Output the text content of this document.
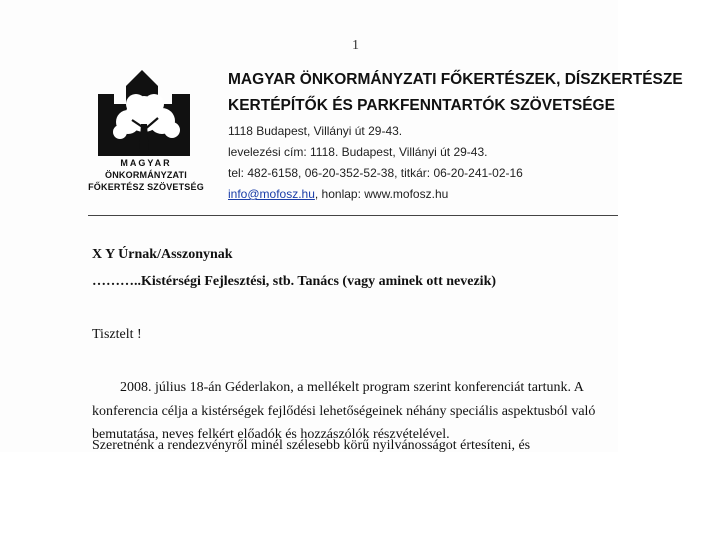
1
MAGYAR
ÖNKORMÁNYZATI
FŐKERTÉSZ SZÖVETSÉG
MAGYAR ÖNKORMÁNYZATI FŐKERTÉSZEK, DÍSZKERTÉSZE
KERTÉPÍTŐK ÉS PARKFENNTARTÓK SZÖVETSÉGE
1118 Budapest, Villányi út 29-43.
levelezési cím: 1118. Budapest, Villányi út 29-43.
tel: 482-6158, 06-20-352-52-38, titkár: 06-20-241-02-16
info@mofosz.hu, honlap: www.mofosz.hu
X Y Úrnak/Asszonynak
………..Kistérségi Fejlesztési, stb. Tanács (vagy aminek ott nevezik)
Tisztelt !
2008. július 18-án Géderlakon, a mellékelt program szerint konferenciát tartunk. A
konferencia célja a kistérségek fejlődési lehetőségeinek néhány speciális aspektusból való
bemutatása, neves felkért előadók és hozzászólók részvételével.
Szeretnénk a rendezvényről minél szélesebb körű nyilvánosságot értesíteni, és
